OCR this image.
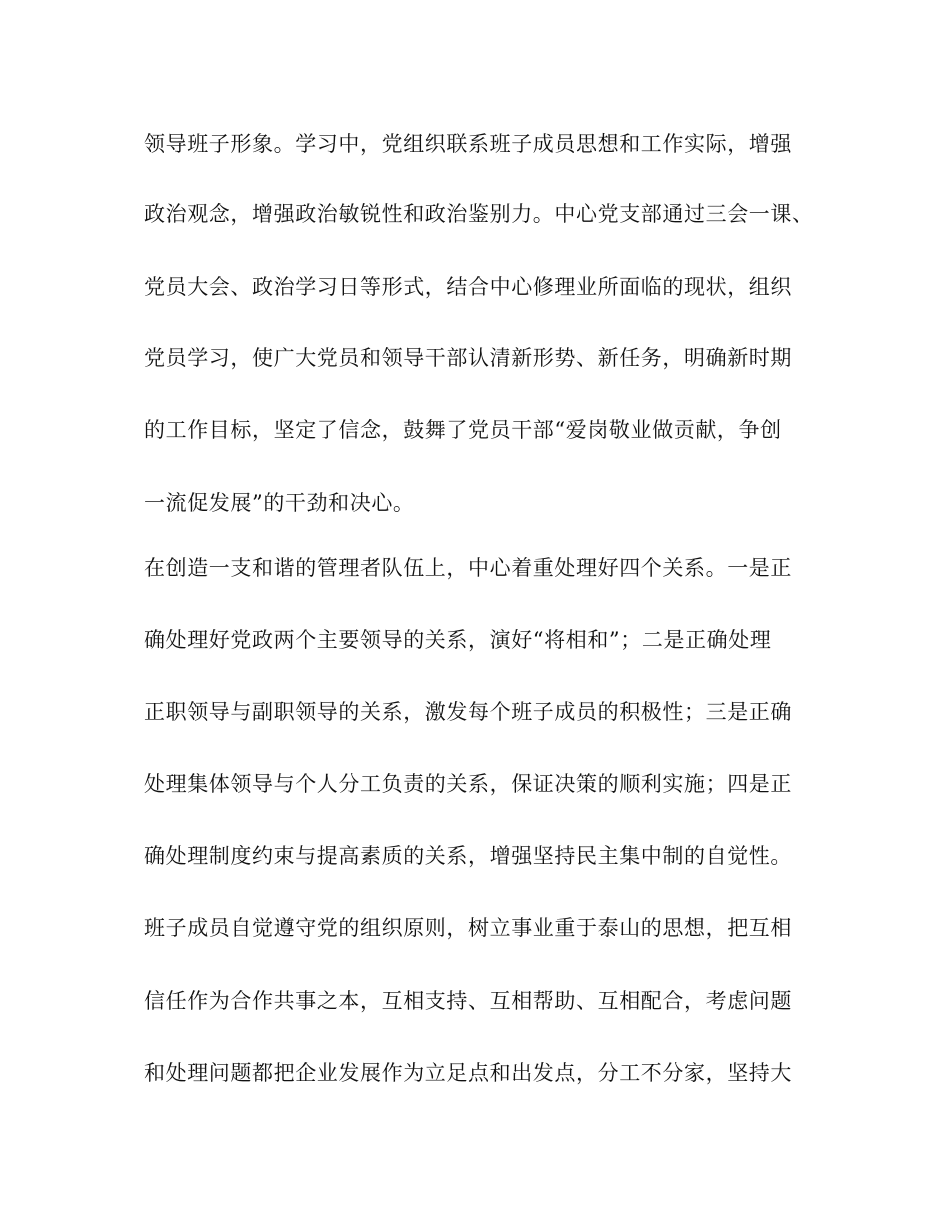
领导班子形象。学习中，党组织联系班子成员思想和工作实际，增强
政治观念，增强政治敏锐性和政治鉴别力。中心党支部通过三会一课、
党员大会、政治学习日等形式，结合中心修理业所面临的现状，组织
党员学习，使广大党员和领导干部认清新形势、新任务，明确新时期
的工作目标，坚定了信念，鼓舞了党员干部“爱岗敬业做贡献，争创
一流促发展”的干劲和决心。
在创造一支和谐的管理者队伍上，中心着重处理好四个关系。一是正
确处理好党政两个主要领导的关系，演好“将相和”；二是正确处理
正职领导与副职领导的关系，激发每个班子成员的积极性；三是正确
处理集体领导与个人分工负责的关系，保证决策的顺利实施；四是正
确处理制度约束与提高素质的关系，增强坚持民主集中制的自觉性。
班子成员自觉遵守党的组织原则，树立事业重于泰山的思想，把互相
信任作为合作共事之本，互相支持、互相帮助、互相配合，考虑问题
和处理问题都把企业发展作为立足点和出发点，分工不分家，坚持大
